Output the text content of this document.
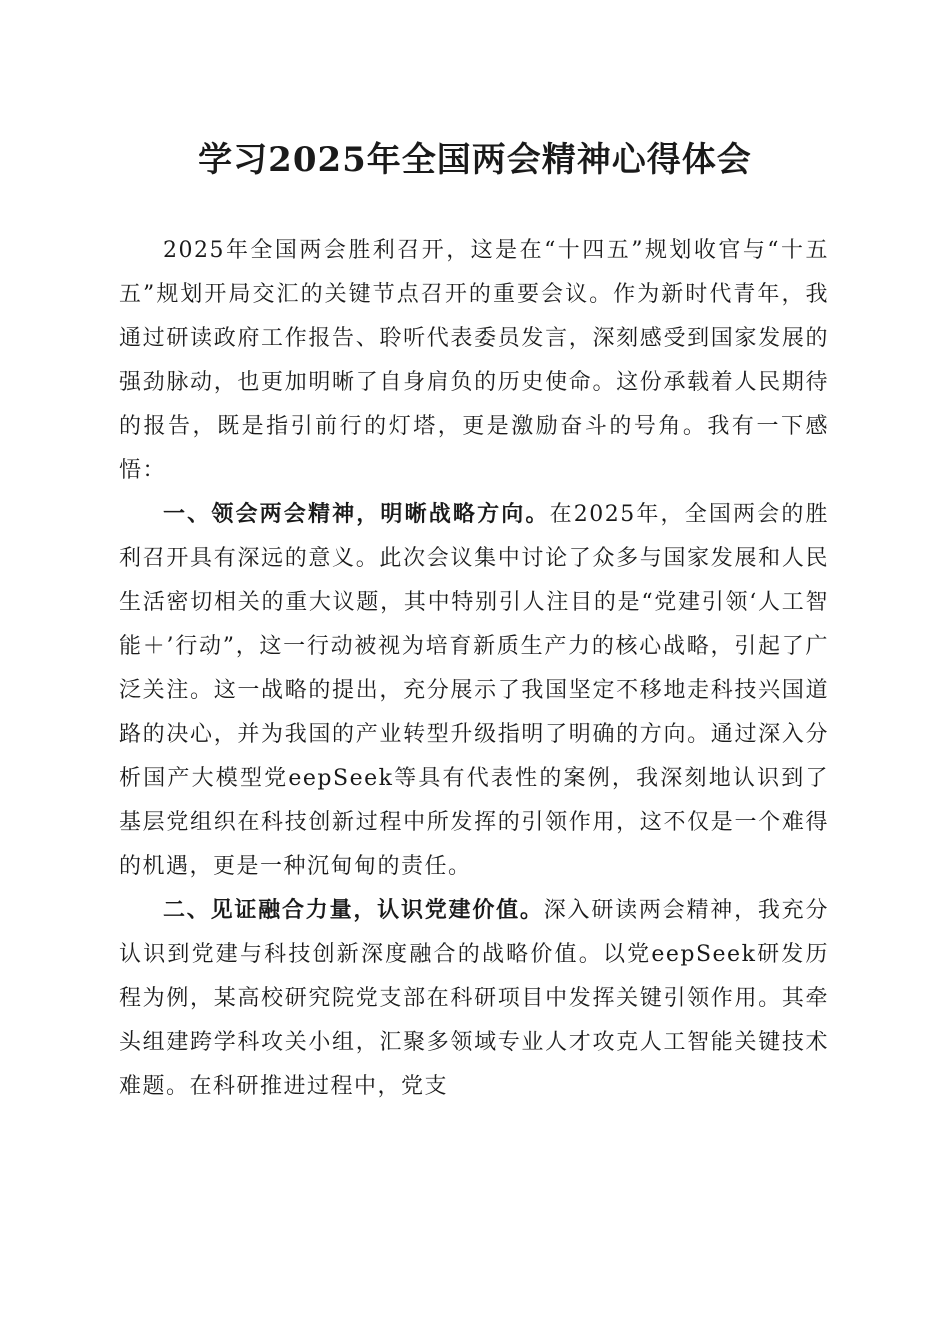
学习2025年全国两会精神心得体会

2025年全国两会胜利召开，这是在“十四五”规划收官与“十五五”规划开局交汇的关键节点召开的重要会议。作为新时代青年，我通过研读政府工作报告、聆听代表委员发言，深刻感受到国家发展的强劲脉动，也更加明晰了自身肩负的历史使命。这份承载着人民期待的报告，既是指引前行的灯塔，更是激励奋斗的号角。我有一下感悟：

一、领会两会精神，明晰战略方向。在2025年，全国两会的胜利召开具有深远的意义。此次会议集中讨论了众多与国家发展和人民生活密切相关的重大议题，其中特别引人注目的是“党建引领‘人工智能＋’行动”，这一行动被视为培育新质生产力的核心战略，引起了广泛关注。这一战略的提出，充分展示了我国坚定不移地走科技兴国道路的决心，并为我国的产业转型升级指明了明确的方向。通过深入分析国产大模型党eepSeek等具有代表性的案例，我深刻地认识到了基层党组织在科技创新过程中所发挥的引领作用，这不仅是一个难得的机遇，更是一种沉甸甸的责任。

二、见证融合力量，认识党建价值。深入研读两会精神，我充分认识到党建与科技创新深度融合的战略价值。以党eepSeek研发历程为例，某高校研究院党支部在科研项目中发挥关键引领作用。其牵头组建跨学科攻关小组，汇聚多领域专业人才攻克人工智能关键技术难题。在科研推进过程中，党支
